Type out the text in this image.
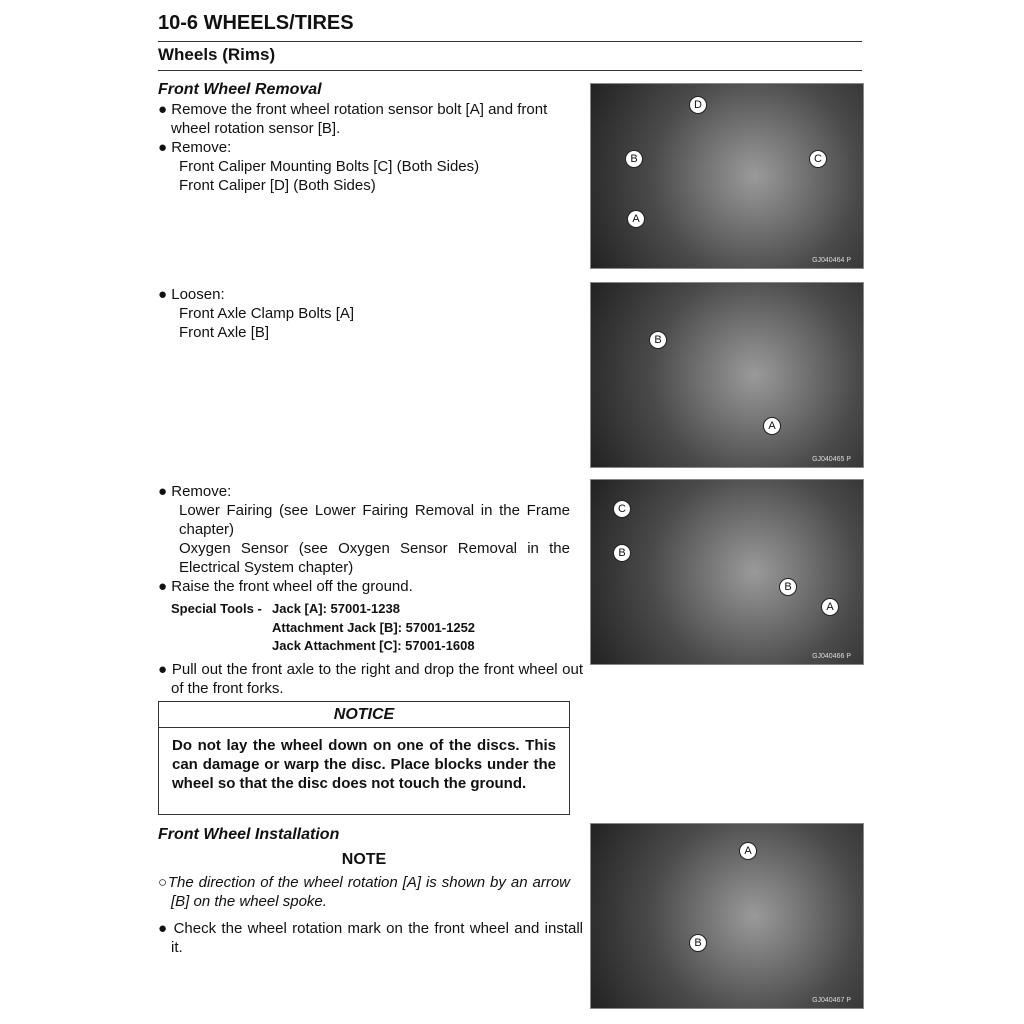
10-6 WHEELS/TIRES
Wheels (Rims)
Front Wheel Removal
● Remove the front wheel rotation sensor bolt [A] and front wheel rotation sensor [B].
● Remove:
Front Caliper Mounting Bolts [C] (Both Sides)
Front Caliper [D] (Both Sides)
● Loosen:
Front Axle Clamp Bolts [A]
Front Axle [B]
● Remove:
Lower Fairing (see Lower Fairing Removal in the Frame chapter)
Oxygen Sensor (see Oxygen Sensor Removal in the Electrical System chapter)
● Raise the front wheel off the ground.
Special Tools - Jack [A]: 57001-1238
Attachment Jack [B]: 57001-1252
Jack Attachment [C]: 57001-1608
● Pull out the front axle to the right and drop the front wheel out of the front forks.
NOTICE
Do not lay the wheel down on one of the discs. This can damage or warp the disc. Place blocks under the wheel so that the disc does not touch the ground.
Front Wheel Installation
NOTE
○The direction of the wheel rotation [A] is shown by an arrow [B] on the wheel spoke.
● Check the wheel rotation mark on the front wheel and install it.
D
B	C
A
GJ040464 P
B
A
GJ040465 P
C
B
B
A
GJ040466 P
A
B
GJ040467 P
